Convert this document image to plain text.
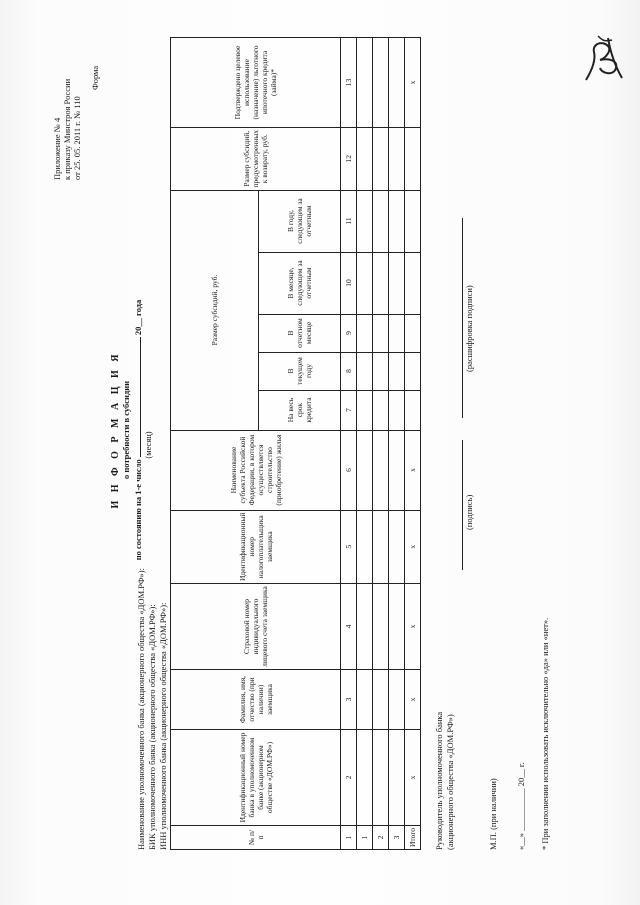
Приложение № 4 к приказу Минстроя России от 25. 05. 2011 г. № 110
Форма
И Н Ф О Р М А Ц И Я о потребности в субсидии
по состоянию на 1-е число  20__ года
(месяц)
Наименование уполномоченного банка (акционерного общества «ДОМ.РФ»): БИК уполномоченного банка (акционерного общества «ДОМ.РФ»): ИНН уполномоченного банка (акционерного общества «ДОМ.РФ»):	№ п/п	Идентификационный номер банка в уполномоченном банке (акционерном обществе «ДОМ.РФ»)	Фамилия, имя, отчество (при наличии) заемщика	Страховой номер индивидуального лицевого счета заемщика	Идентификационный номер налогоплательщика заемщика	Наименование субъекта Российской Федерации, в котором осуществляется строительство (приобретение) жилья	Размер субсидий, руб.					Размер субсидий, предусмотренных к возврату, руб.	Подтверждено целевое использование (назначение) льготного ипотечного кредита (займа)*
						На весь срок кредита	В текущем году	В отчетном месяце	В месяце, следующем за отчетным	В году, следующем за отчетным		
1	2	3	4	5	6	7	8	9	10	11	12	13
1												
2												
3												
Итого	x	x	x	x	x							x
Руководитель уполномоченного банка (акционерного общества «ДОМ.РФ»)
(подпись)
(расшифровка подписи)
М.П. (при наличии) «__» __________ 20__ г. * При заполнении использовать исключительно «да» или «нет».
